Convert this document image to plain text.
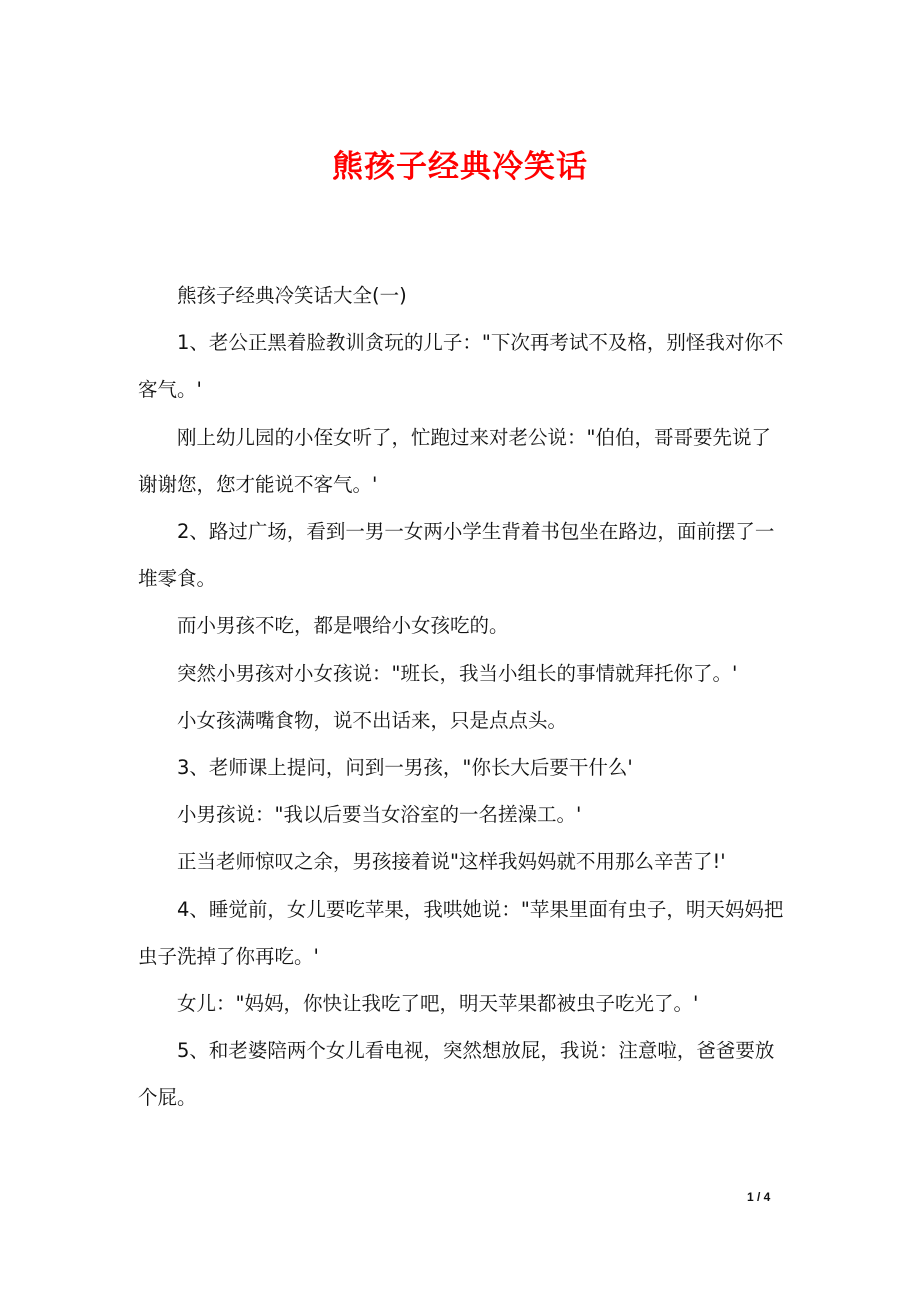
熊孩子经典冷笑话

熊孩子经典冷笑话大全(一)

1、老公正黑着脸教训贪玩的儿子："下次再考试不及格，别怪我对你不客气。'

刚上幼儿园的小侄女听了，忙跑过来对老公说："伯伯，哥哥要先说了谢谢您，您才能说不客气。'

2、路过广场，看到一男一女两小学生背着书包坐在路边，面前摆了一堆零食。

而小男孩不吃，都是喂给小女孩吃的。

突然小男孩对小女孩说："班长，我当小组长的事情就拜托你了。'

小女孩满嘴食物，说不出话来，只是点点头。

3、老师课上提问，问到一男孩，"你长大后要干什么'

小男孩说："我以后要当女浴室的一名搓澡工。'

正当老师惊叹之余，男孩接着说"这样我妈妈就不用那么辛苦了!'

4、睡觉前，女儿要吃苹果，我哄她说："苹果里面有虫子，明天妈妈把虫子洗掉了你再吃。'

女儿："妈妈，你快让我吃了吧，明天苹果都被虫子吃光了。'

5、和老婆陪两个女儿看电视，突然想放屁，我说：注意啦，爸爸要放个屁。

1 / 4
